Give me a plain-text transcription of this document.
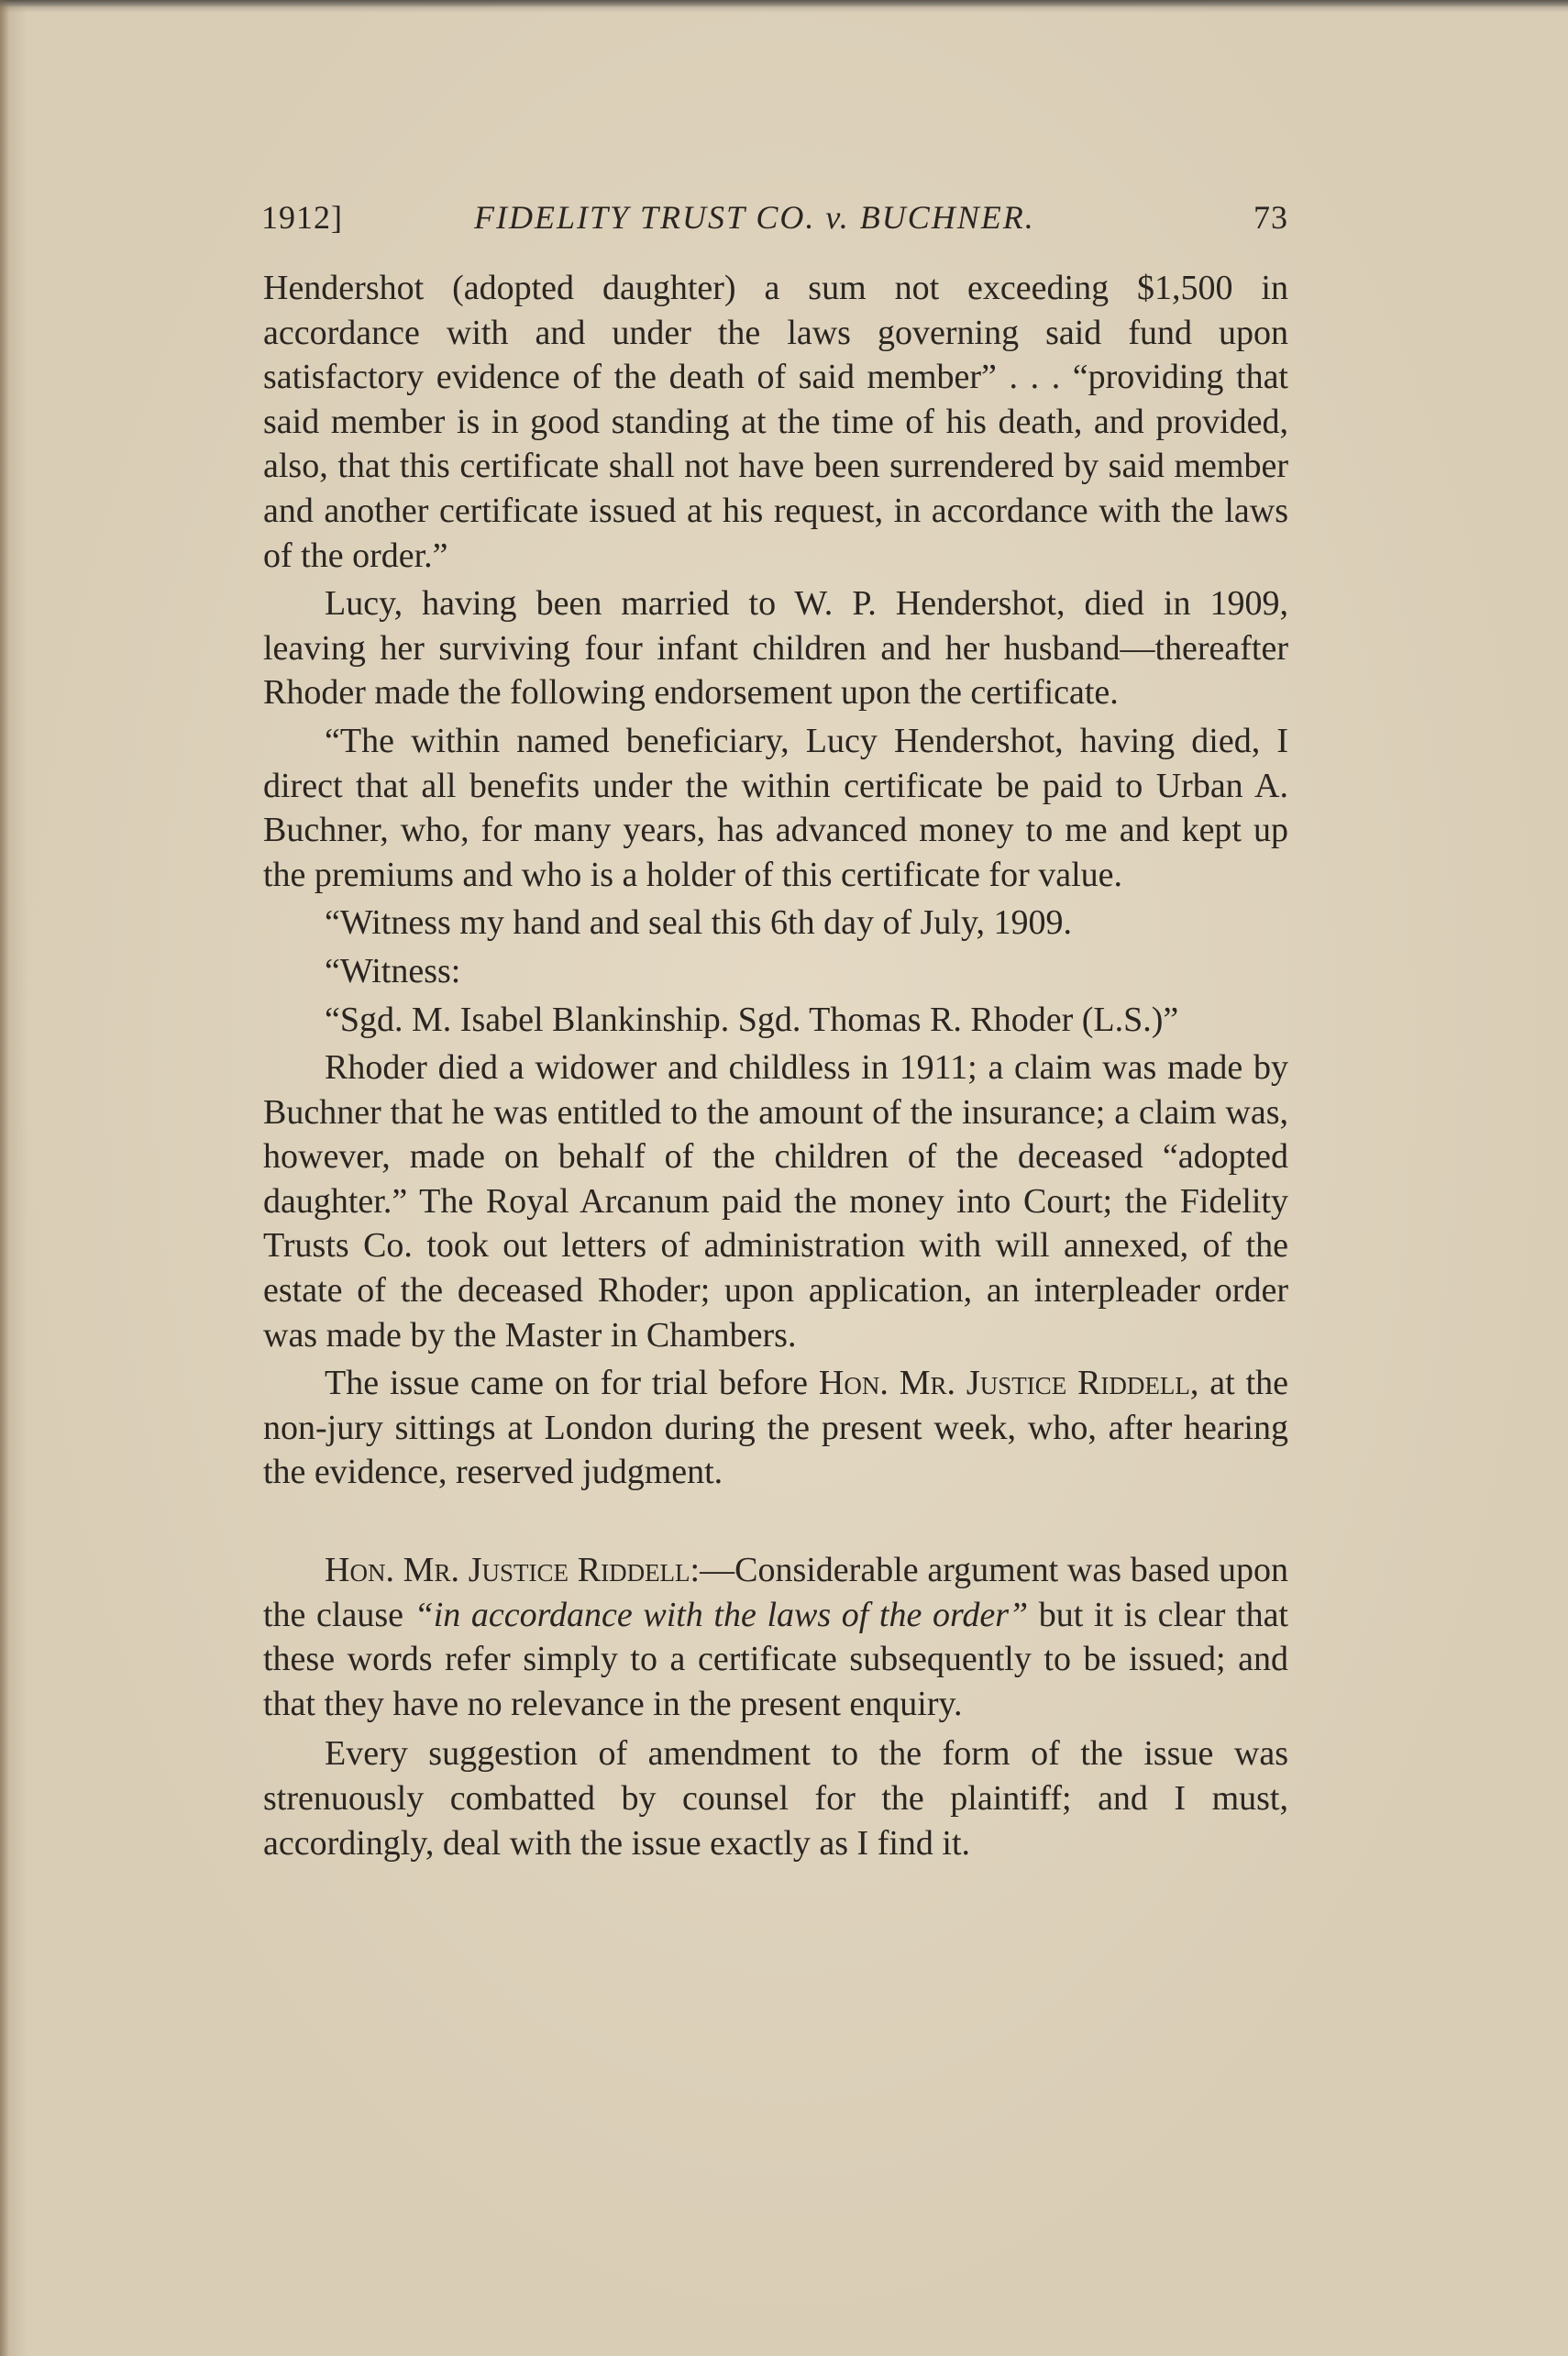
1912]	FIDELITY TRUST CO. v. BUCHNER.	73

Hendershot (adopted daughter) a sum not exceeding $1,500 in accordance with and under the laws governing said fund upon satisfactory evidence of the death of said member” . . . “providing that said member is in good standing at the time of his death, and provided, also, that this certificate shall not have been surrendered by said member and another certificate issued at his request, in accordance with the laws of the order.”

Lucy, having been married to W. P. Hendershot, died in 1909, leaving her surviving four infant children and her husband—thereafter Rhoder made the following endorsement upon the certificate.

“The within named beneficiary, Lucy Hendershot, having died, I direct that all benefits under the within certificate be paid to Urban A. Buchner, who, for many years, has advanced money to me and kept up the premiums and who is a holder of this certificate for value.

“Witness my hand and seal this 6th day of July, 1909.

“Witness:

“Sgd. M. Isabel Blankinship. Sgd. Thomas R. Rhoder (L.S.)”

Rhoder died a widower and childless in 1911; a claim was made by Buchner that he was entitled to the amount of the insurance; a claim was, however, made on behalf of the children of the deceased “adopted daughter.” The Royal Arcanum paid the money into Court; the Fidelity Trusts Co. took out letters of administration with will annexed, of the estate of the deceased Rhoder; upon application, an interpleader order was made by the Master in Chambers.

The issue came on for trial before Hon. Mr. Justice Riddell, at the non-jury sittings at London during the present week, who, after hearing the evidence, reserved judgment.

Hon. Mr. Justice Riddell:—Considerable argument was based upon the clause “in accordance with the laws of the order” but it is clear that these words refer simply to a certificate subsequently to be issued; and that they have no relevance in the present enquiry.

Every suggestion of amendment to the form of the issue was strenuously combatted by counsel for the plaintiff; and I must, accordingly, deal with the issue exactly as I find it.
